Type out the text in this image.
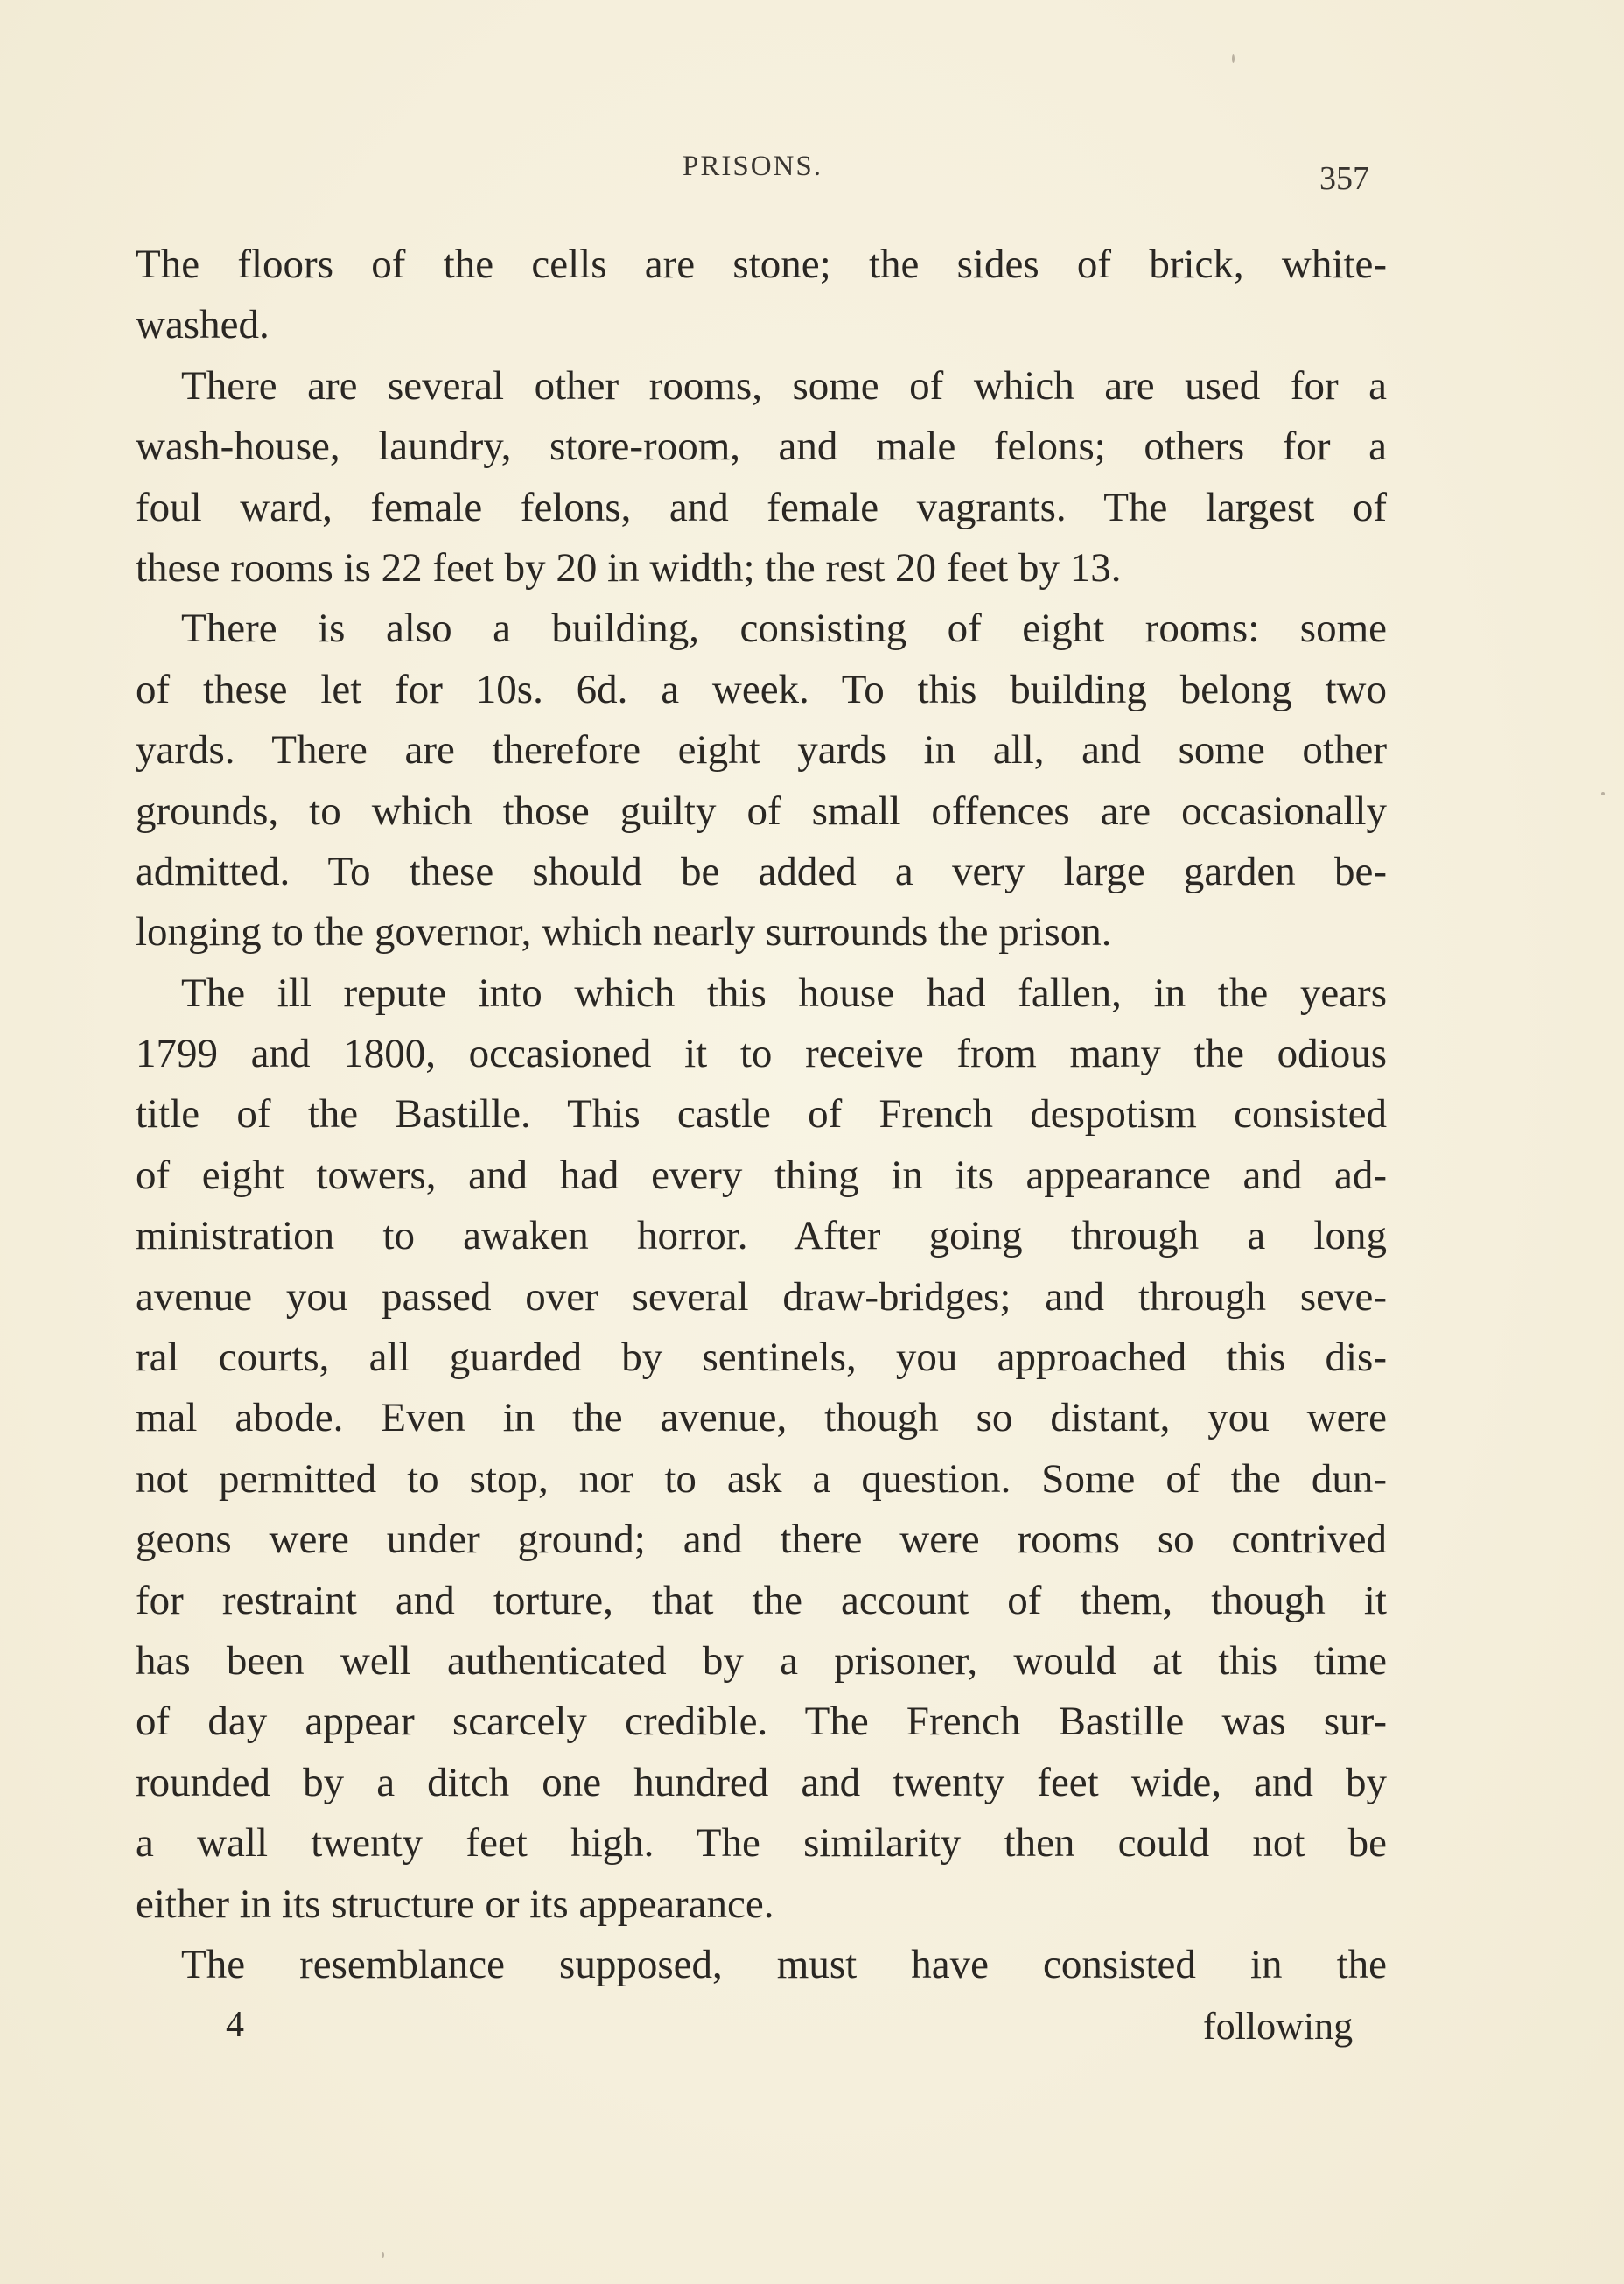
PRISONS.	357
The floors of the cells are stone; the sides of brick, white-
washed.
There are several other rooms, some of which are used for a
wash-house, laundry, store-room, and male felons; others for a
foul ward, female felons, and female vagrants. The largest of
these rooms is 22 feet by 20 in width; the rest 20 feet by 13.
There is also a building, consisting of eight rooms: some
of these let for 10s. 6d. a week. To this building belong two
yards. There are therefore eight yards in all, and some other
grounds, to which those guilty of small offences are occasionally
admitted. To these should be added a very large garden be-
longing to the governor, which nearly surrounds the prison.
The ill repute into which this house had fallen, in the years
1799 and 1800, occasioned it to receive from many the odious
title of the Bastille. This castle of French despotism consisted
of eight towers, and had every thing in its appearance and ad-
ministration to awaken horror. After going through a long
avenue you passed over several draw-bridges; and through seve-
ral courts, all guarded by sentinels, you approached this dis-
mal abode. Even in the avenue, though so distant, you were
not permitted to stop, nor to ask a question. Some of the dun-
geons were under ground; and there were rooms so contrived
for restraint and torture, that the account of them, though it
has been well authenticated by a prisoner, would at this time
of day appear scarcely credible. The French Bastille was sur-
rounded by a ditch one hundred and twenty feet wide, and by
a wall twenty feet high. The similarity then could not be
either in its structure or its appearance.
The resemblance supposed, must have consisted in the
4	following
